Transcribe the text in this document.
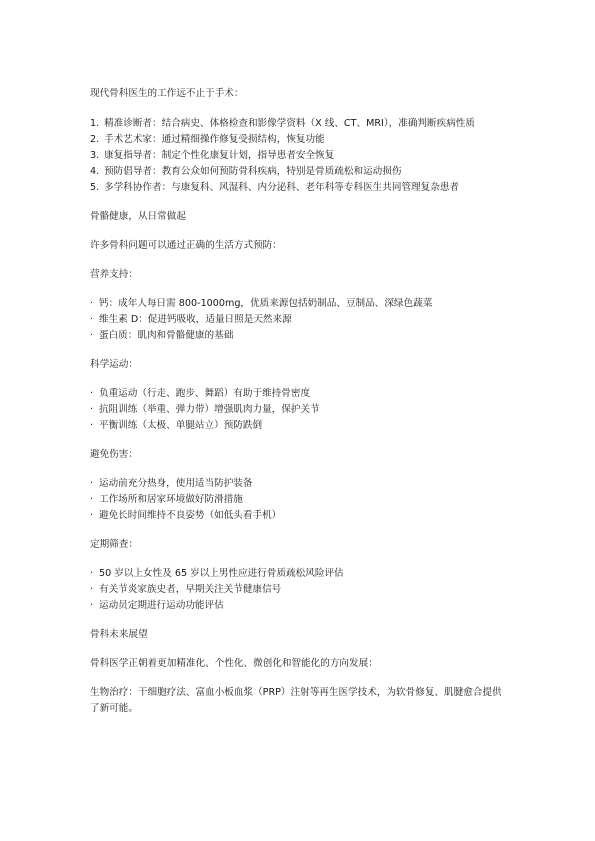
现代骨科医生的工作远不止于手术：

1. 精准诊断者：结合病史、体格检查和影像学资料（X 线、CT、MRI），准确判断疾病性质

2. 手术艺术家：通过精细操作修复受损结构，恢复功能

3. 康复指导者：制定个性化康复计划，指导患者安全恢复

4. 预防倡导者：教育公众如何预防骨科疾病，特别是骨质疏松和运动损伤

5. 多学科协作者：与康复科、风湿科、内分泌科、老年科等专科医生共同管理复杂患者

骨骼健康，从日常做起

许多骨科问题可以通过正确的生活方式预防：

营养支持：

· 钙：成年人每日需 800-1000mg，优质来源包括奶制品、豆制品、深绿色蔬菜

· 维生素 D：促进钙吸收，适量日照是天然来源

· 蛋白质：肌肉和骨骼健康的基础

科学运动：

· 负重运动（行走、跑步、舞蹈）有助于维持骨密度

· 抗阻训练（举重、弹力带）增强肌肉力量，保护关节

· 平衡训练（太极、单腿站立）预防跌倒

避免伤害：

· 运动前充分热身，使用适当防护装备

· 工作场所和居家环境做好防滑措施

· 避免长时间维持不良姿势（如低头看手机）

定期筛查：

· 50 岁以上女性及 65 岁以上男性应进行骨质疏松风险评估

· 有关节炎家族史者，早期关注关节健康信号

· 运动员定期进行运动功能评估

骨科未来展望

骨科医学正朝着更加精准化、个性化、微创化和智能化的方向发展：

生物治疗：干细胞疗法、富血小板血浆（PRP）注射等再生医学技术，为软骨修复、肌腱愈合提供了新可能。
